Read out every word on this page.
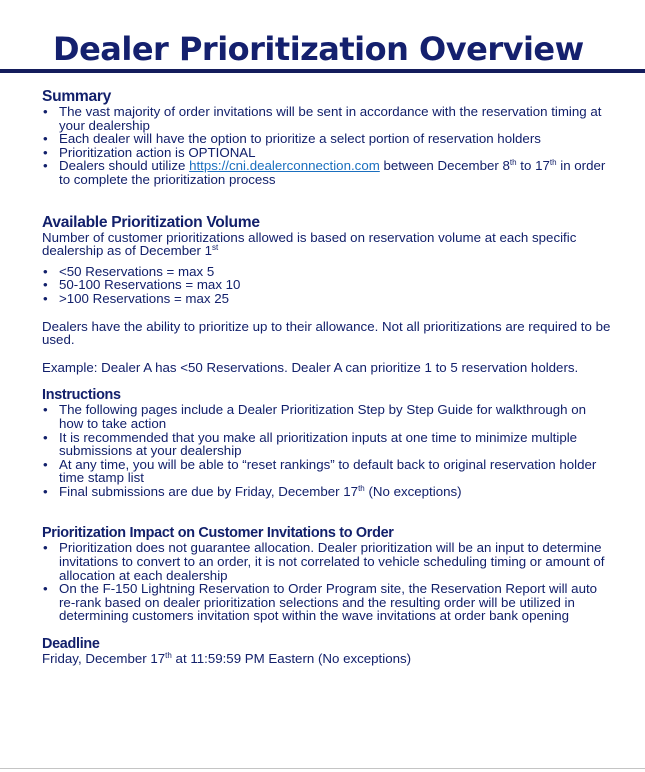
Dealer Prioritization Overview
Summary
• The vast majority of order invitations will be sent in accordance with the reservation timing at your dealership
• Each dealer will have the option to prioritize a select portion of reservation holders
• Prioritization action is OPTIONAL
• Dealers should utilize https://cni.dealerconnection.com between December 8th to 17th in order to complete the prioritization process
Available Prioritization Volume

Number of customer prioritizations allowed is based on reservation volume at each specific dealership as of December 1st

• <50 Reservations = max 5
• 50-100 Reservations = max 10
• >100 Reservations = max 25

Dealers have the ability to prioritize up to their allowance. Not all prioritizations are required to be used.

Example: Dealer A has <50 Reservations. Dealer A can prioritize 1 to 5 reservation holders.

Instructions
• The following pages include a Dealer Prioritization Step by Step Guide for walkthrough on how to take action
• It is recommended that you make all prioritization inputs at one time to minimize multiple submissions at your dealership
• At any time, you will be able to “reset rankings” to default back to original reservation holder time stamp list
• Final submissions are due by Friday, December 17th (No exceptions)
Prioritization Impact on Customer Invitations to Order
• Prioritization does not guarantee allocation. Dealer prioritization will be an input to determine invitations to convert to an order, it is not correlated to vehicle scheduling timing or amount of allocation at each dealership
• On the F-150 Lightning Reservation to Order Program site, the Reservation Report will auto re-rank based on dealer prioritization selections and the resulting order will be utilized in determining customers invitation spot within the wave invitations at order bank opening
Deadline

Friday, December 17th at 11:59:59 PM Eastern (No exceptions)
